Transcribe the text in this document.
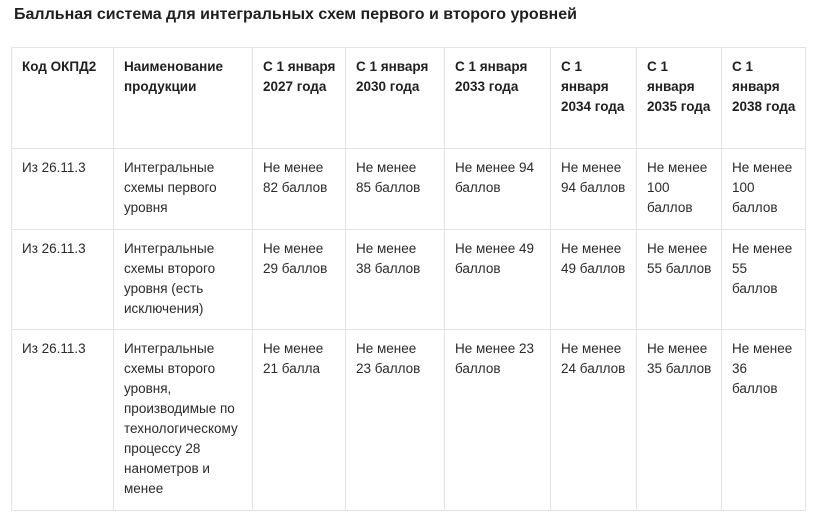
Балльная система для интегральных схем первого и второго уровней
Код ОКПД2	Наименование продукции	С 1 января 2027 года	С 1 января 2030 года	С 1 января 2033 года	С 1 января 2034 года	С 1 января 2035 года	С 1 января 2038 года
Из 26.11.3	Интегральные схемы первого уровня	Не менее 82 баллов	Не менее 85 баллов	Не менее 94 баллов	Не менее 94 баллов	Не менее 100 баллов	Не менее 100 баллов
Из 26.11.3	Интегральные схемы второго уровня (есть исключения)	Не менее 29 баллов	Не менее 38 баллов	Не менее 49 баллов	Не менее 49 баллов	Не менее 55 баллов	Не менее 55 баллов
Из 26.11.3	Интегральные схемы второго уровня, производимые по технологическому процессу 28 нанометров и менее	Не менее 21 балла	Не менее 23 баллов	Не менее 23 баллов	Не менее 24 баллов	Не менее 35 баллов	Не менее 36 баллов
